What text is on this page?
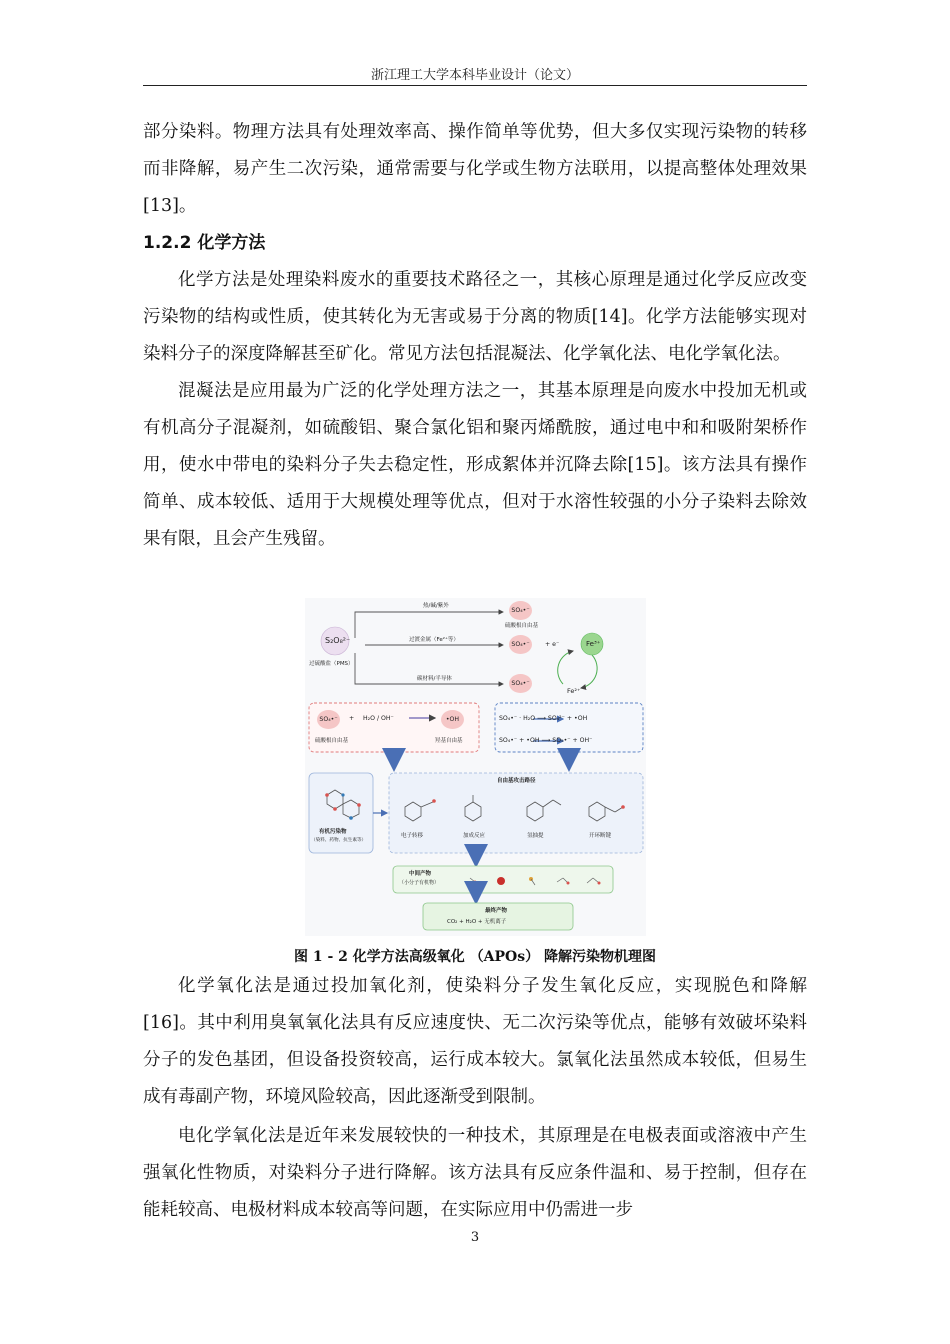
浙江理工大学本科毕业设计（论文）

部分染料。物理方法具有处理效率高、操作简单等优势，但大多仅实现污染物的转移而非降解，易产生二次污染，通常需要与化学或生物方法联用，以提高整体处理效果[13]。

1.2.2 化学方法

化学方法是处理染料废水的重要技术路径之一，其核心原理是通过化学反应改变污染物的结构或性质，使其转化为无害或易于分离的物质[14]。化学方法能够实现对染料分子的深度降解甚至矿化。常见方法包括混凝法、化学氧化法、电化学氧化法。

混凝法是应用最为广泛的化学处理方法之一，其基本原理是向废水中投加无机或有机高分子混凝剂，如硫酸铝、聚合氯化铝和聚丙烯酰胺，通过电中和和吸附架桥作用，使水中带电的染料分子失去稳定性，形成絮体并沉降去除[15]。该方法具有操作简单、成本较低、适用于大规模处理等优点，但对于水溶性较强的小分子染料去除效果有限，且会产生残留。

S₂O₈²⁻
过硫酸盐（PMS）
热/碱/紫外
过渡金属（Fe²⁺等）
碳材料/半导体
SO₄•⁻
硫酸根自由基
SO₄•⁻
SO₄•⁻
+ e⁻	Fe³⁺
Fe²⁺
SO₄•⁻	+ H₂O / OH⁻	•OH
硫酸根自由基	羟基自由基
SO₄•⁻ · H₂O ⟶ SO₄²⁻ + •OH
SO₄•⁻ + •OH ⟶ SO₅•⁻ + OH⁻
有机污染物
（染料、药物、抗生素等）
自由基攻击路径
电子转移	加成反应	氢抽提	开环断键
中间产物
（小分子有机物）
最终产物
CO₂ + H₂O + 无机离子
图 1 - 2 化学方法高级氧化 （APOs） 降解污染物机理图

化学氧化法是通过投加氧化剂，使染料分子发生氧化反应，实现脱色和降解[16]。其中利用臭氧氧化法具有反应速度快、无二次污染等优点，能够有效破坏染料分子的发色基团，但设备投资较高，运行成本较大。氯氧化法虽然成本较低，但易生成有毒副产物，环境风险较高，因此逐渐受到限制。

电化学氧化法是近年来发展较快的一种技术，其原理是在电极表面或溶液中产生强氧化性物质，对染料分子进行降解。该方法具有反应条件温和、易于控制，但存在能耗较高、电极材料成本较高等问题，在实际应用中仍需进一步

3
